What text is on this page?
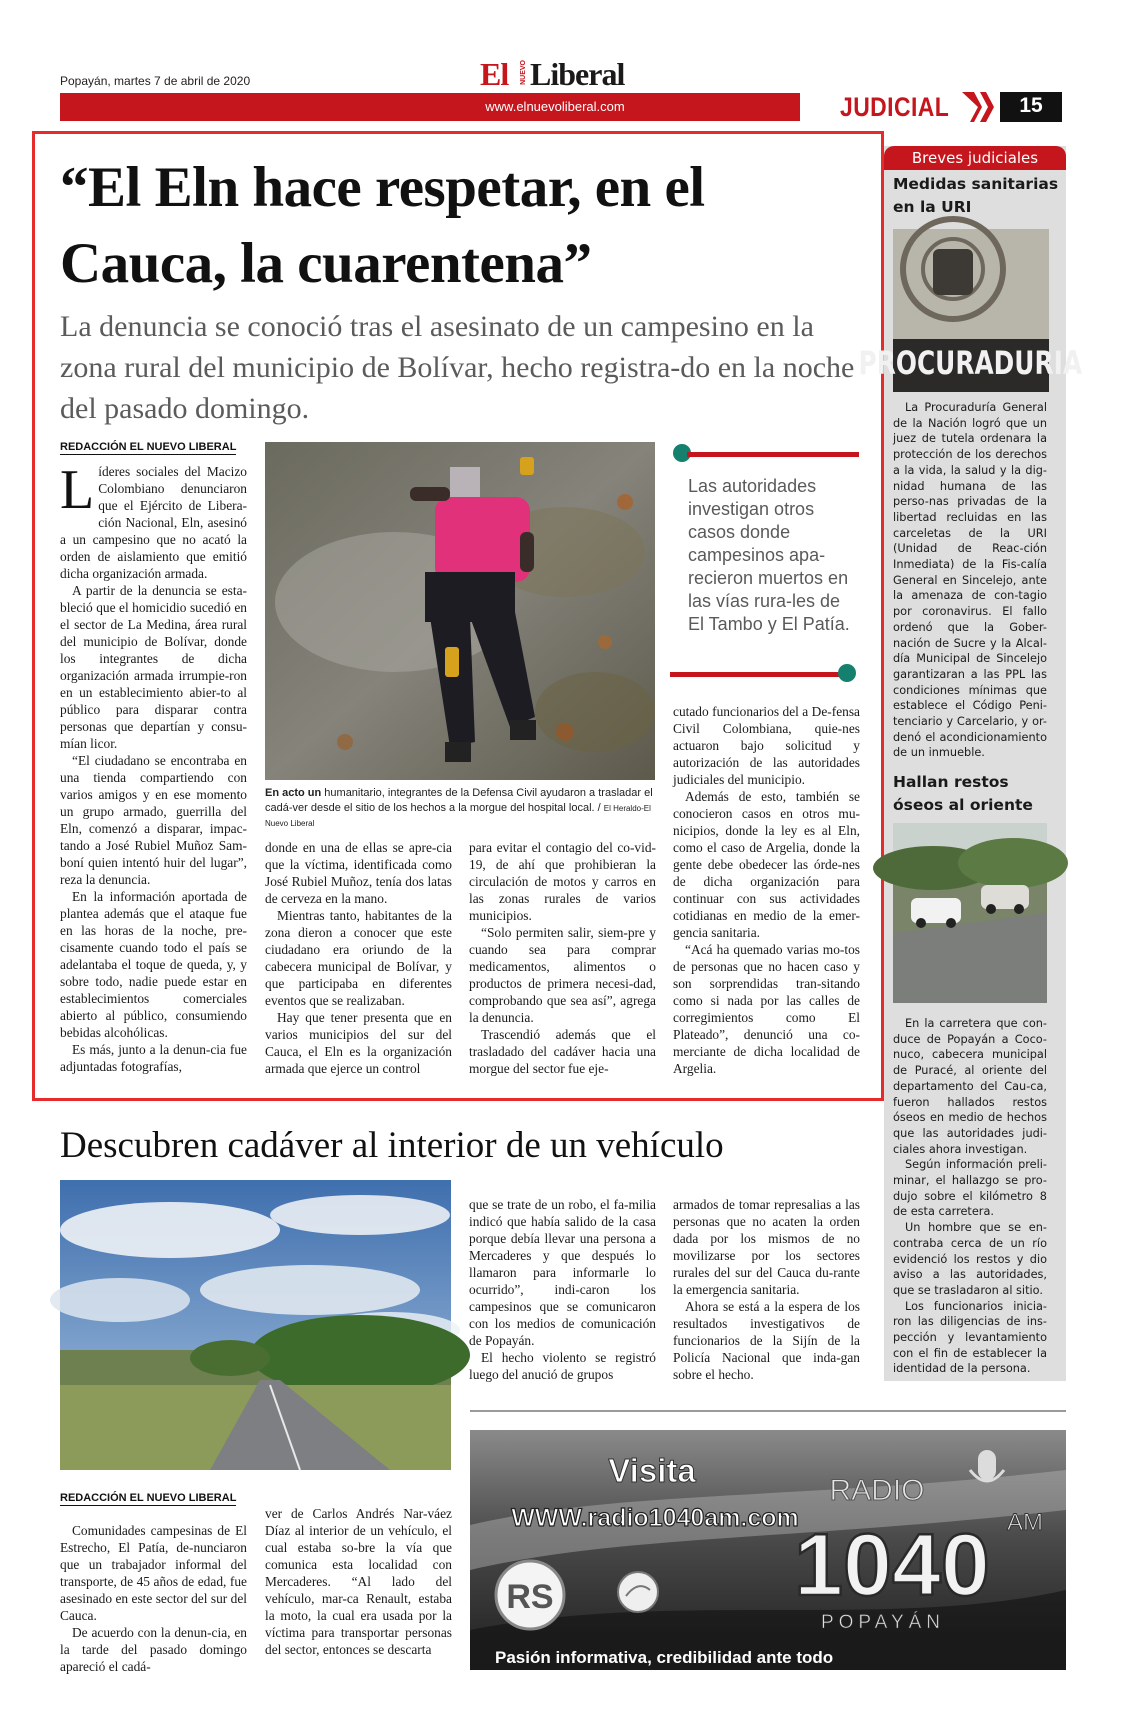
Popayán, martes 7 de abril de 2020	El NUEVO Liberal
www.elnuevoliberal.com	JUDICIAL	15
“El Eln hace respetar, en el Cauca, la cuarentena”
La denuncia se conoció tras el asesinato de un campesino en la zona rural del municipio de Bolívar, hecho registra-do en la noche del pasado domingo.
REDACCIÓN EL NUEVO LIBERAL

Líderes sociales del Macizo Colombiano denunciaron que el Ejército de Libera-ción Nacional, Eln, asesinó a un campesino que no acató la orden de aislamiento que emitió dicha organización armada.

A partir de la denuncia se esta-bleció que el homicidio sucedió en el sector de La Medina, área rural del municipio de Bolívar, donde los integrantes de dicha organización armada irrumpie-ron en un establecimiento abier-to al público para disparar contra personas que departían y consu-mían licor.

“El ciudadano se encontraba en una tienda compartiendo con varios amigos y en ese momento un grupo armado, guerrilla del Eln, comenzó a disparar, impac-tando a José Rubiel Muñoz Sam-boní quien intentó huir del lugar”, reza la denuncia.

En la información aportada de plantea además que el ataque fue en las horas de la noche, pre-cisamente cuando todo el país se adelantaba el toque de queda, y, y sobre todo, nadie puede estar en establecimientos comerciales abierto al público, consumiendo bebidas alcohólicas.

Es más, junto a la denun-cia fue adjuntadas fotografías,

En acto un humanitario, integrantes de la Defensa Civil ayudaron a trasladar el cadá-ver desde el sitio de los hechos a la morgue del hospital local. / El Heraldo-El Nuevo Liberal
Las autoridades investigan otros casos donde campesinos apa-recieron muertos en las vías rura-les de El Tambo y El Patía.

donde en una de ellas se apre-cia que la víctima, identificada como José Rubiel Muñoz, tenía dos latas de cerveza en la mano.

Mientras tanto, habitantes de la zona dieron a conocer que este ciudadano era oriundo de la cabecera municipal de Bolívar, y que participaba en diferentes eventos que se realizaban.

Hay que tener presenta que en varios municipios del sur del Cauca, el Eln es la organización armada que ejerce un control

para evitar el contagio del co-vid-19, de ahí que prohibieran la circulación de motos y carros en las zonas rurales de varios municipios.

“Solo permiten salir, siem-pre y cuando sea para comprar medicamentos, alimentos o productos de primera necesi-dad, comprobando que sea así”, agrega la denuncia.

Trascendió además que el trasladado del cadáver hacia una morgue del sector fue eje-

cutado funcionarios del a De-fensa Civil Colombiana, quie-nes actuaron bajo solicitud y autorización de las autoridades judiciales del municipio.

Además de esto, también se conocieron casos en otros mu-nicipios, donde la ley es al Eln, como el caso de Argelia, donde la gente debe obedecer las órde-nes de dicha organización para continuar con sus actividades cotidianas en medio de la emer-gencia sanitaria.

“Acá ha quemado varias mo-tos de personas que no hacen caso y son sorprendidas tran-sitando como si nada por las calles de corregimientos como El Plateado”, denunció una co-merciante de dicha localidad de Argelia.

Breves judiciales
Medidas sanitarias en la URI
PROCURADURIA

La Procuraduría General de la Nación logró que un juez de tutela ordenara la protección de los derechos a la vida, la salud y la dig-nidad humana de las perso-nas privadas de la libertad recluidas en las carceletas de la URI (Unidad de Reac-ción Inmediata) de la Fis-calía General en Sincelejo, ante la amenaza de con-tagio por coronavirus. El fallo ordenó que la Gober-nación de Sucre y la Alcal-día Municipal de Sincelejo garantizaran a las PPL las condiciones mínimas que establece el Código Peni-tenciario y Carcelario, y or-denó el acondicionamiento de un inmueble.

Hallan restos óseos al oriente

En la carretera que con-duce de Popayán a Coco-nuco, cabecera municipal de Puracé, al oriente del departamento del Cau-ca, fueron hallados restos óseos en medio de hechos que las autoridades judi-ciales ahora investigan.

Según información preli-minar, el hallazgo se pro-dujo sobre el kilómetro 8 de esta carretera.

Un hombre que se en-contraba cerca de un río evidenció los restos y dio aviso a las autoridades, que se trasladaron al sitio.

Los funcionarios inicia-ron las diligencias de ins-pección y levantamiento con el fin de establecer la identidad de la persona.

Descubren cadáver al interior de un vehículo
REDACCIÓN EL NUEVO LIBERAL

Comunidades campesinas de El Estrecho, El Patía, de-nunciaron que un trabajador informal del transporte, de 45 años de edad, fue asesinado en este sector del sur del Cauca.

De acuerdo con la denun-cia, en la tarde del pasado domingo apareció el cadá-

ver de Carlos Andrés Nar-váez Díaz al interior de un vehículo, el cual estaba so-bre la vía que comunica esta localidad con Mercaderes. “Al lado del vehículo, mar-ca Renault, estaba la moto, la cual era usada por la víctima para transportar personas del sector, entonces se descarta

que se trate de un robo, el fa-milia indicó que había salido de la casa porque debía llevar una persona a Mercaderes y que después lo llamaron para informarle lo ocurrido”, indi-caron los campesinos que se comunicaron con los medios de comunicación de Popayán.

El hecho violento se registró luego del anució de grupos

armados de tomar represalias a las personas que no acaten la orden dada por los mismos de no movilizarse por los sectores rurales del sur del Cauca du-rante la emergencia sanitaria.

Ahora se está a la espera de los resultados investigativos de funcionarios de la Sijín de la Policía Nacional que inda-gan sobre el hecho.

Visita
WWW.radio1040am.com
RADIO
1040 AM
POPAYÁN
RS
Pasión informativa, credibilidad ante todo
